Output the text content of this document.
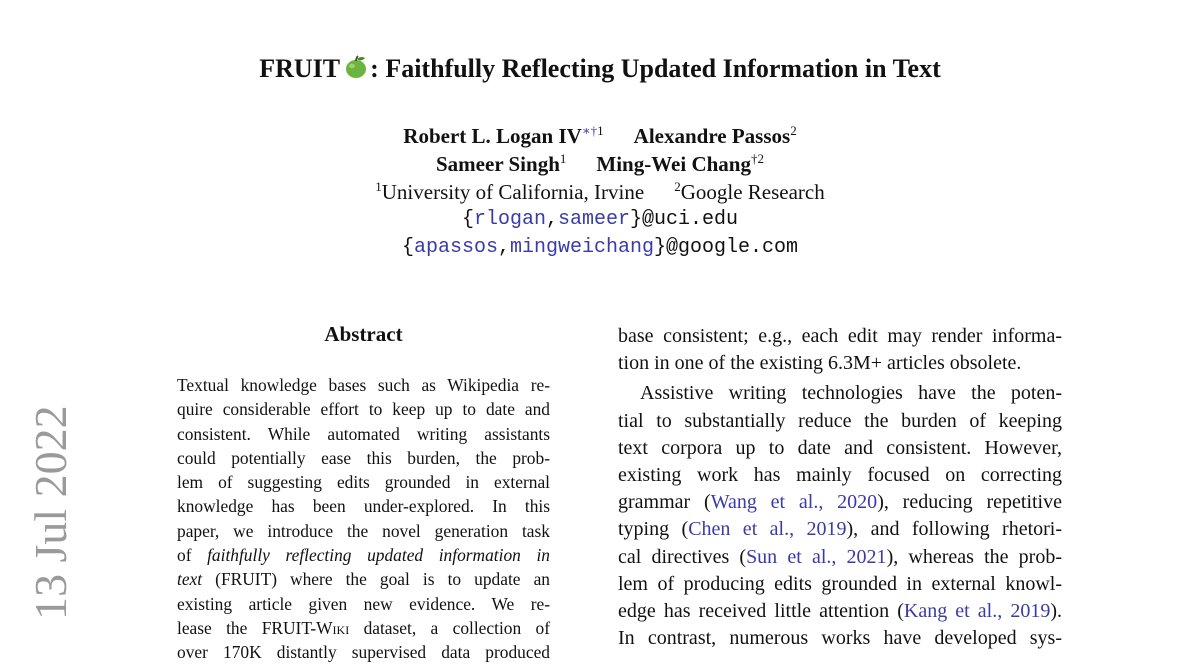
13 Jul 2022
FRUIT : Faithfully Reflecting Updated Information in Text
Robert L. Logan $IV^{∗\dagger 1}$ Alexandre Passos$^2$
Sameer Singh$^1$ Ming-Wei Chang$^{\dagger 2}$
$^1$University of California, Irvine $^2$Google Research
{rlogan,sameer}@uci.edu
{apassos,mingweichang}@google.com
Abstract
Textual knowledge bases such as Wikipedia re-
quire considerable effort to keep up to date and
consistent. While automated writing assistants
could potentially ease this burden, the prob-
lem of suggesting edits grounded in external
knowledge has been under-explored. In this
paper, we introduce the novel generation task
of faithfully reflecting updated information in
text (FRUIT) where the goal is to update an
existing article given new evidence. We re-
lease the FRUIT-Wiki dataset, a collection of
over 170K distantly supervised data produced
base consistent; e.g., each edit may render informa-
tion in one of the existing 6.3M+ articles obsolete.
Assistive writing technologies have the poten-
tial to substantially reduce the burden of keeping
text corpora up to date and consistent. However,
existing work has mainly focused on correcting
grammar (Wang et al., 2020), reducing repetitive
typing (Chen et al., 2019), and following rhetori-
cal directives (Sun et al., 2021), whereas the prob-
lem of producing edits grounded in external knowl-
edge has received little attention (Kang et al., 2019).
In contrast, numerous works have developed sys-
